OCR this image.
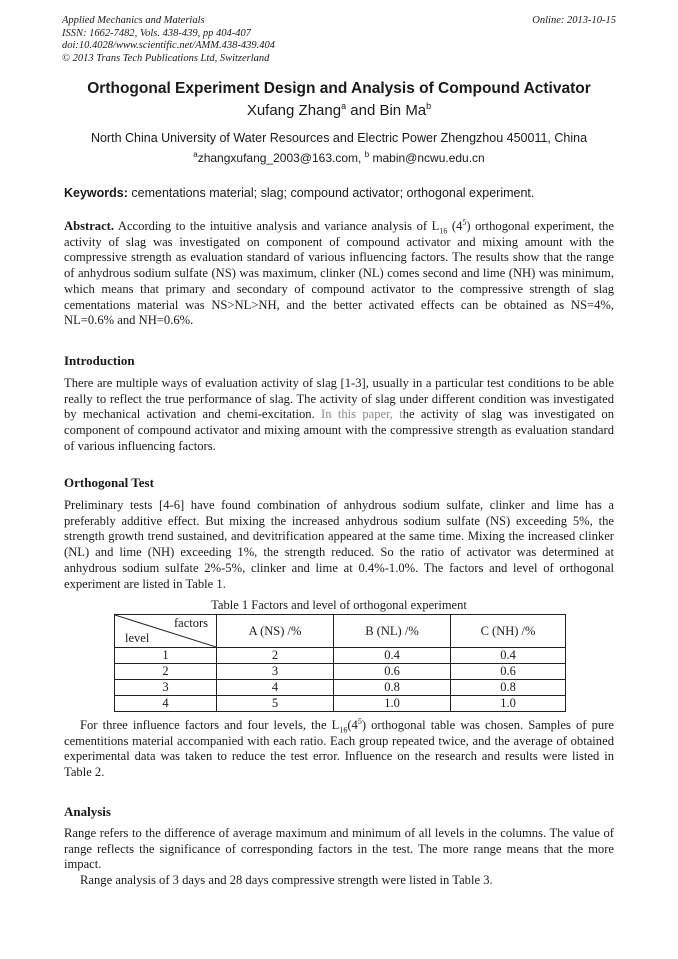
Applied Mechanics and Materials
ISSN: 1662-7482, Vols. 438-439, pp 404-407
doi:10.4028/www.scientific.net/AMM.438-439.404
© 2013 Trans Tech Publications Ltd, Switzerland
Online: 2013-10-15
Orthogonal Experiment Design and Analysis of Compound Activator
Xufang Zhang$^a$ and Bin Ma$^b$
North China University of Water Resources and Electric Power Zhengzhou 450011, China
$^a$zhangxufang_2003@163.com, $^b$ mabin@ncwu.edu.cn
Keywords: cementations material; slag; compound activator; orthogonal experiment.

Abstract. According to the intuitive analysis and variance analysis of $L_{16}$ $(4^5)$ orthogonal experiment, the activity of slag was investigated on component of compound activator and mixing amount with the compressive strength as evaluation standard of various influencing factors. The results show that the range of anhydrous sodium sulfate (NS) was maximum, clinker (NL) comes second and lime (NH) was minimum, which means that primary and secondary of compound activator to the compressive strength of slag cementations material was NS>NL>NH, and the better activated effects can be obtained as NS=4%, NL=0.6% and NH=0.6%.

Introduction

There are multiple ways of evaluation activity of slag [1-3], usually in a particular test conditions to be able really to reflect the true performance of slag. The activity of slag under different condition was investigated by mechanical activation and chemi-excitation. In this paper, the activity of slag was investigated on component of compound activator and mixing amount with the compressive strength as evaluation standard of various influencing factors.

Orthogonal Test

Preliminary tests [4-6] have found combination of anhydrous sodium sulfate, clinker and lime has a preferably additive effect. But mixing the increased anhydrous sodium sulfate (NS) exceeding 5%, the strength growth trend sustained, and devitrification appeared at the same time. Mixing the increased clinker (NL) and lime (NH) exceeding 1%, the strength reduced. So the ratio of activator was determined at anhydrous sodium sulfate 2%-5%, clinker and lime at 0.4%-1.0%. The factors and level of orthogonal experiment are listed in Table 1.

Table 1 Factors and level of orthogonal experiment
factors
level	A (NS) /%	B (NL) /%	C (NH) /%
1	2	0.4	0.4
2	3	0.6	0.6
3	4	0.8	0.8
4	5	1.0	1.0

For three influence factors and four levels, the $L_{16}(4^5)$ orthogonal table was chosen. Samples of pure cementitions material accompanied with each ratio. Each group repeated twice, and the average of obtained experimental data was taken to reduce the test error. Influence on the research and results were listed in Table 2.

Analysis

Range refers to the difference of average maximum and minimum of all levels in the columns. The value of range reflects the significance of corresponding factors in the test. The more range means that the more impact.

Range analysis of 3 days and 28 days compressive strength were listed in Table 3.
